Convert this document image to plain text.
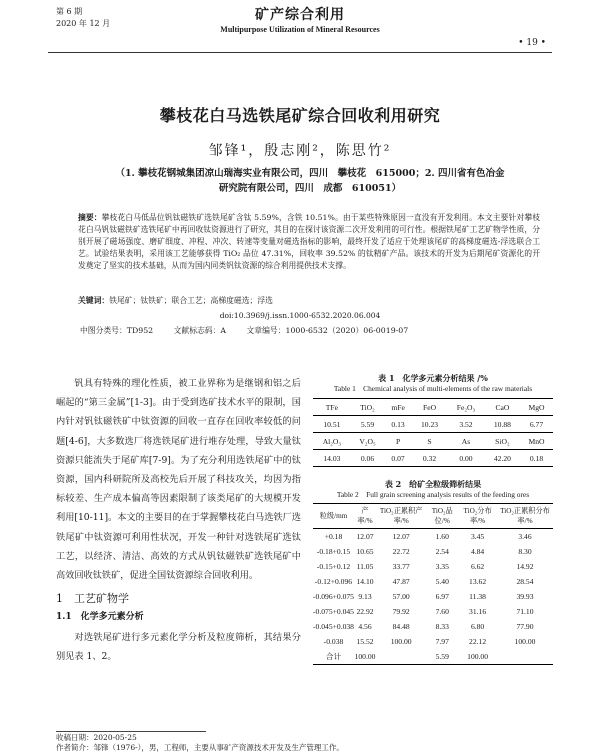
第 6 期
2020 年 12 月
矿产综合利用
Multipurpose Utilization of Mineral Resources
• 19 •
攀枝花白马选铁尾矿综合回收利用研究
邹锋¹，殷志刚²，陈思竹²
（1. 攀枝花钢城集团凉山瑞海实业有限公司，四川　攀枝花　615000；2. 四川省有色冶金
研究院有限公司，四川　成都　610051）
摘要：攀枝花白马低品位钒钛磁铁矿选铁尾矿含钛 5.59%，含铁 10.51%。由于某些特殊原因一直没有开发利用。本文主要针对攀枝花白马钒钛磁铁矿选铁尾矿中再回收钛资源进行了研究，其目的在探讨该资源二次开发利用的可行性。根据铁尾矿工艺矿物学性质，分别开展了磁场强度、磨矿细度、冲程、冲次、转速等变量对磁选指标的影响，最终开发了适应于处理该尾矿的高梯度磁选-浮选联合工艺。试验结果表明，采用该工艺能够获得 TiO₂ 品位 47.31%，回收率 39.52% 的钛精矿产品。该技术的开发为后期尾矿资源化的开发奠定了坚实的技术基础，从而为国内同类钒钛资源的综合利用提供技术支撑。
关键词：铁尾矿；钛铁矿；联合工艺；高梯度磁选；浮选
doi:10.3969/j.issn.1000-6532.2020.06.004
中图分类号：TD952	文献标志码：A	文章编号：1000-6532（2020）06-0019-07

钒具有特殊的理化性质，被工业界称为是继钢和铝之后崛起的“第三金属”[1-3]。由于受到选矿技术水平的限制，国内针对钒钛磁铁矿中钛资源的回收一直存在回收率较低的问题[4-6]，大多数选厂将选铁尾矿进行堆存处理，导致大量钛资源只能流失于尾矿库[7-9]。为了充分利用选铁尾矿中的钛资源，国内科研院所及高校先后开展了科技攻关，均因为指标较差、生产成本偏高等因素限制了该类尾矿的大规模开发利用[10-11]。本文的主要目的在于掌握攀枝花白马选铁厂选铁尾矿中钛资源可利用性状况，开发一种针对选铁尾矿选钛工艺，以经济、清洁、高效的方式从钒钛磁铁矿选铁尾矿中高效回收钛铁矿，促进全国钛资源综合回收利用。

1　工艺矿物学
1.1　化学多元素分析

对选铁尾矿进行多元素化学分析及粒度筛析，其结果分别见表 1、2。

表 1　化学多元素分析结果 /%
Table 1　Chemical analysis of multi-elements of the raw materials
TFe	TiO₂	mFe	FeO	Fe₂O₃	CaO	MgO
10.51	5.59	0.13	10.23	3.52	10.88	6.77
Al₂O₃	V₂O₅	P	S	As	SiO₂	MnO
14.03	0.06	0.07	0.32	0.00	42.20	0.18
表 2　给矿全粒级筛析结果
Table 2　Full grain screening analysis results of the feeding ores
粒级/mm	产率/%	TiO₂正累积产率/%	TiO₂品位/%	TiO₂分布率/%	TiO₂正累积分布率/%
+0.18	12.07	12.07	1.60	3.45	3.46
-0.18+0.15	10.65	22.72	2.54	4.84	8.30
-0.15+0.12	11.05	33.77	3.35	6.62	14.92
-0.12+0.096	14.10	47.87	5.40	13.62	28.54
-0.096+0.075	9.13	57.00	6.97	11.38	39.93
-0.075+0.045	22.92	79.92	7.60	31.16	71.10
-0.045+0.038	4.56	84.48	8.33	6.80	77.90
-0.038	15.52	100.00	7.97	22.12	100.00
合计	100.00		5.59	100.00	
收稿日期：2020-05-25
作者简介：邹锋（1976-），男，工程师，主要从事矿产资源技术开发及生产管理工作。
